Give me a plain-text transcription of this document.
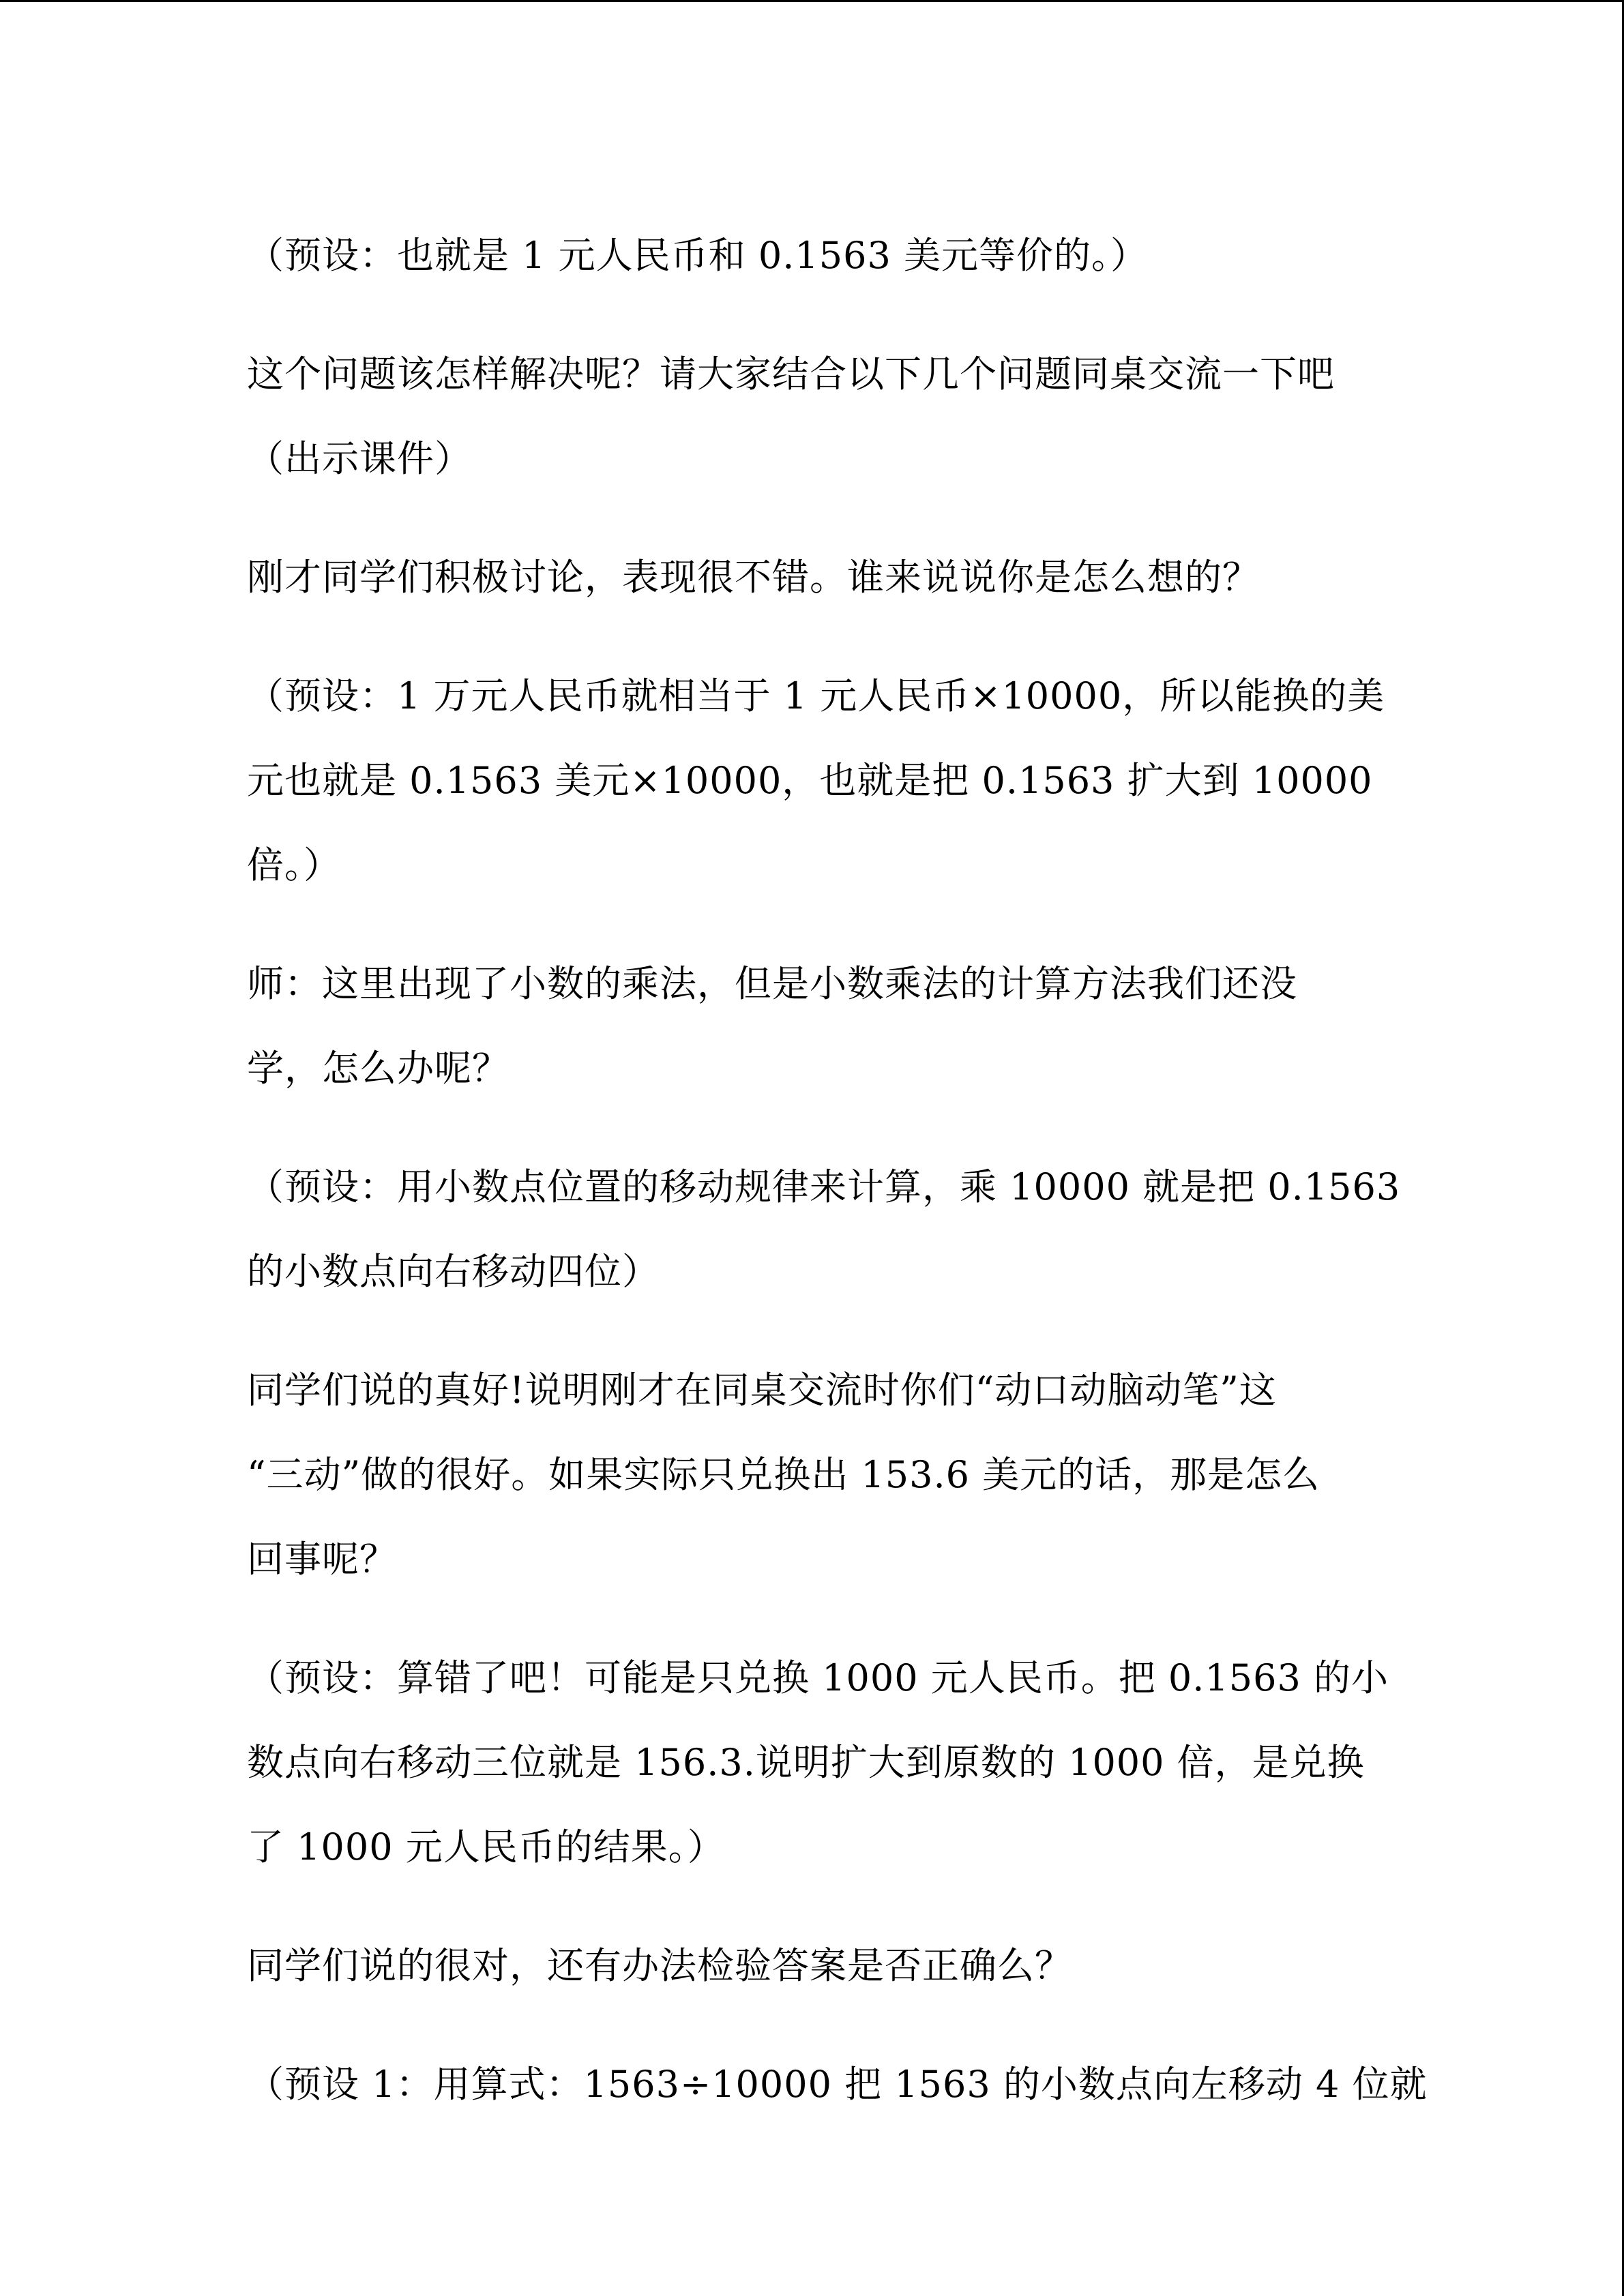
（预设：也就是 1 元人民币和 0.1563 美元等价的。）

这个问题该怎样解决呢？请大家结合以下几个问题同桌交流一下吧
（出示课件）

刚才同学们积极讨论，表现很不错。谁来说说你是怎么想的？

（预设：1 万元人民币就相当于 1 元人民币×10000，所以能换的美
元也就是 0.1563 美元×10000，也就是把 0.1563 扩大到 10000
倍。）

师：这里出现了小数的乘法，但是小数乘法的计算方法我们还没
学，怎么办呢？

（预设：用小数点位置的移动规律来计算，乘 10000 就是把 0.1563
的小数点向右移动四位）

同学们说的真好!说明刚才在同桌交流时你们“动口动脑动笔”这
“三动”做的很好。如果实际只兑换出 153.6 美元的话，那是怎么
回事呢？

（预设：算错了吧！可能是只兑换 1000 元人民币。把 0.1563 的小
数点向右移动三位就是 156.3.说明扩大到原数的 1000 倍，是兑换
了 1000 元人民币的结果。）

同学们说的很对，还有办法检验答案是否正确么？

（预设 1：用算式：1563÷10000 把 1563 的小数点向左移动 4 位就
